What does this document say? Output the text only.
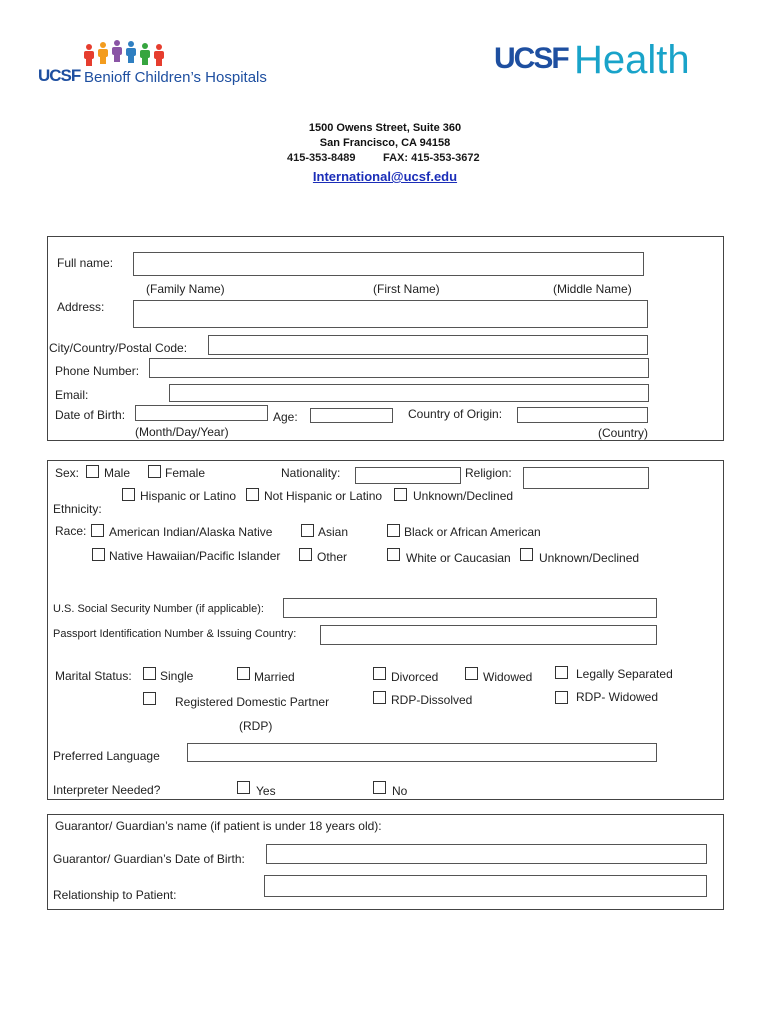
UCSF Benioff Children’s Hospitals
UCSF Health
1500 Owens Street, Suite 360
San Francisco, CA 94158
415-353-8489 FAX: 415-353-3672
International@ucsf.edu
Full name:
(Family Name)	(First Name)	(Middle Name)
Address:
City/Country/Postal Code:
Phone Number:
Email:
Date of Birth:	Age:	Country of Origin:
(Month/Day/Year)	(Country)
Sex: Male	Female	Nationality:	Religion:
Hispanic or Latino Not Hispanic or Latino	Unknown/Declined
Ethnicity:
Race: American Indian/Alaska Native	Asian	Black or African American
Native Hawaiian/Pacific Islander	Other	White or Caucasian Unknown/Declined
U.S. Social Security Number (if applicable):
Passport Identification Number & Issuing Country:
Marital Status: Single	Married	Divorced	Widowed	Legally Separated
Registered Domestic Partner	RDP-Dissolved	RDP- Widowed
(RDP)
Preferred Language
Interpreter Needed?	Yes	No
Guarantor/ Guardian’s name (if patient is under 18 years old):
Guarantor/ Guardian’s Date of Birth:
Relationship to Patient:
